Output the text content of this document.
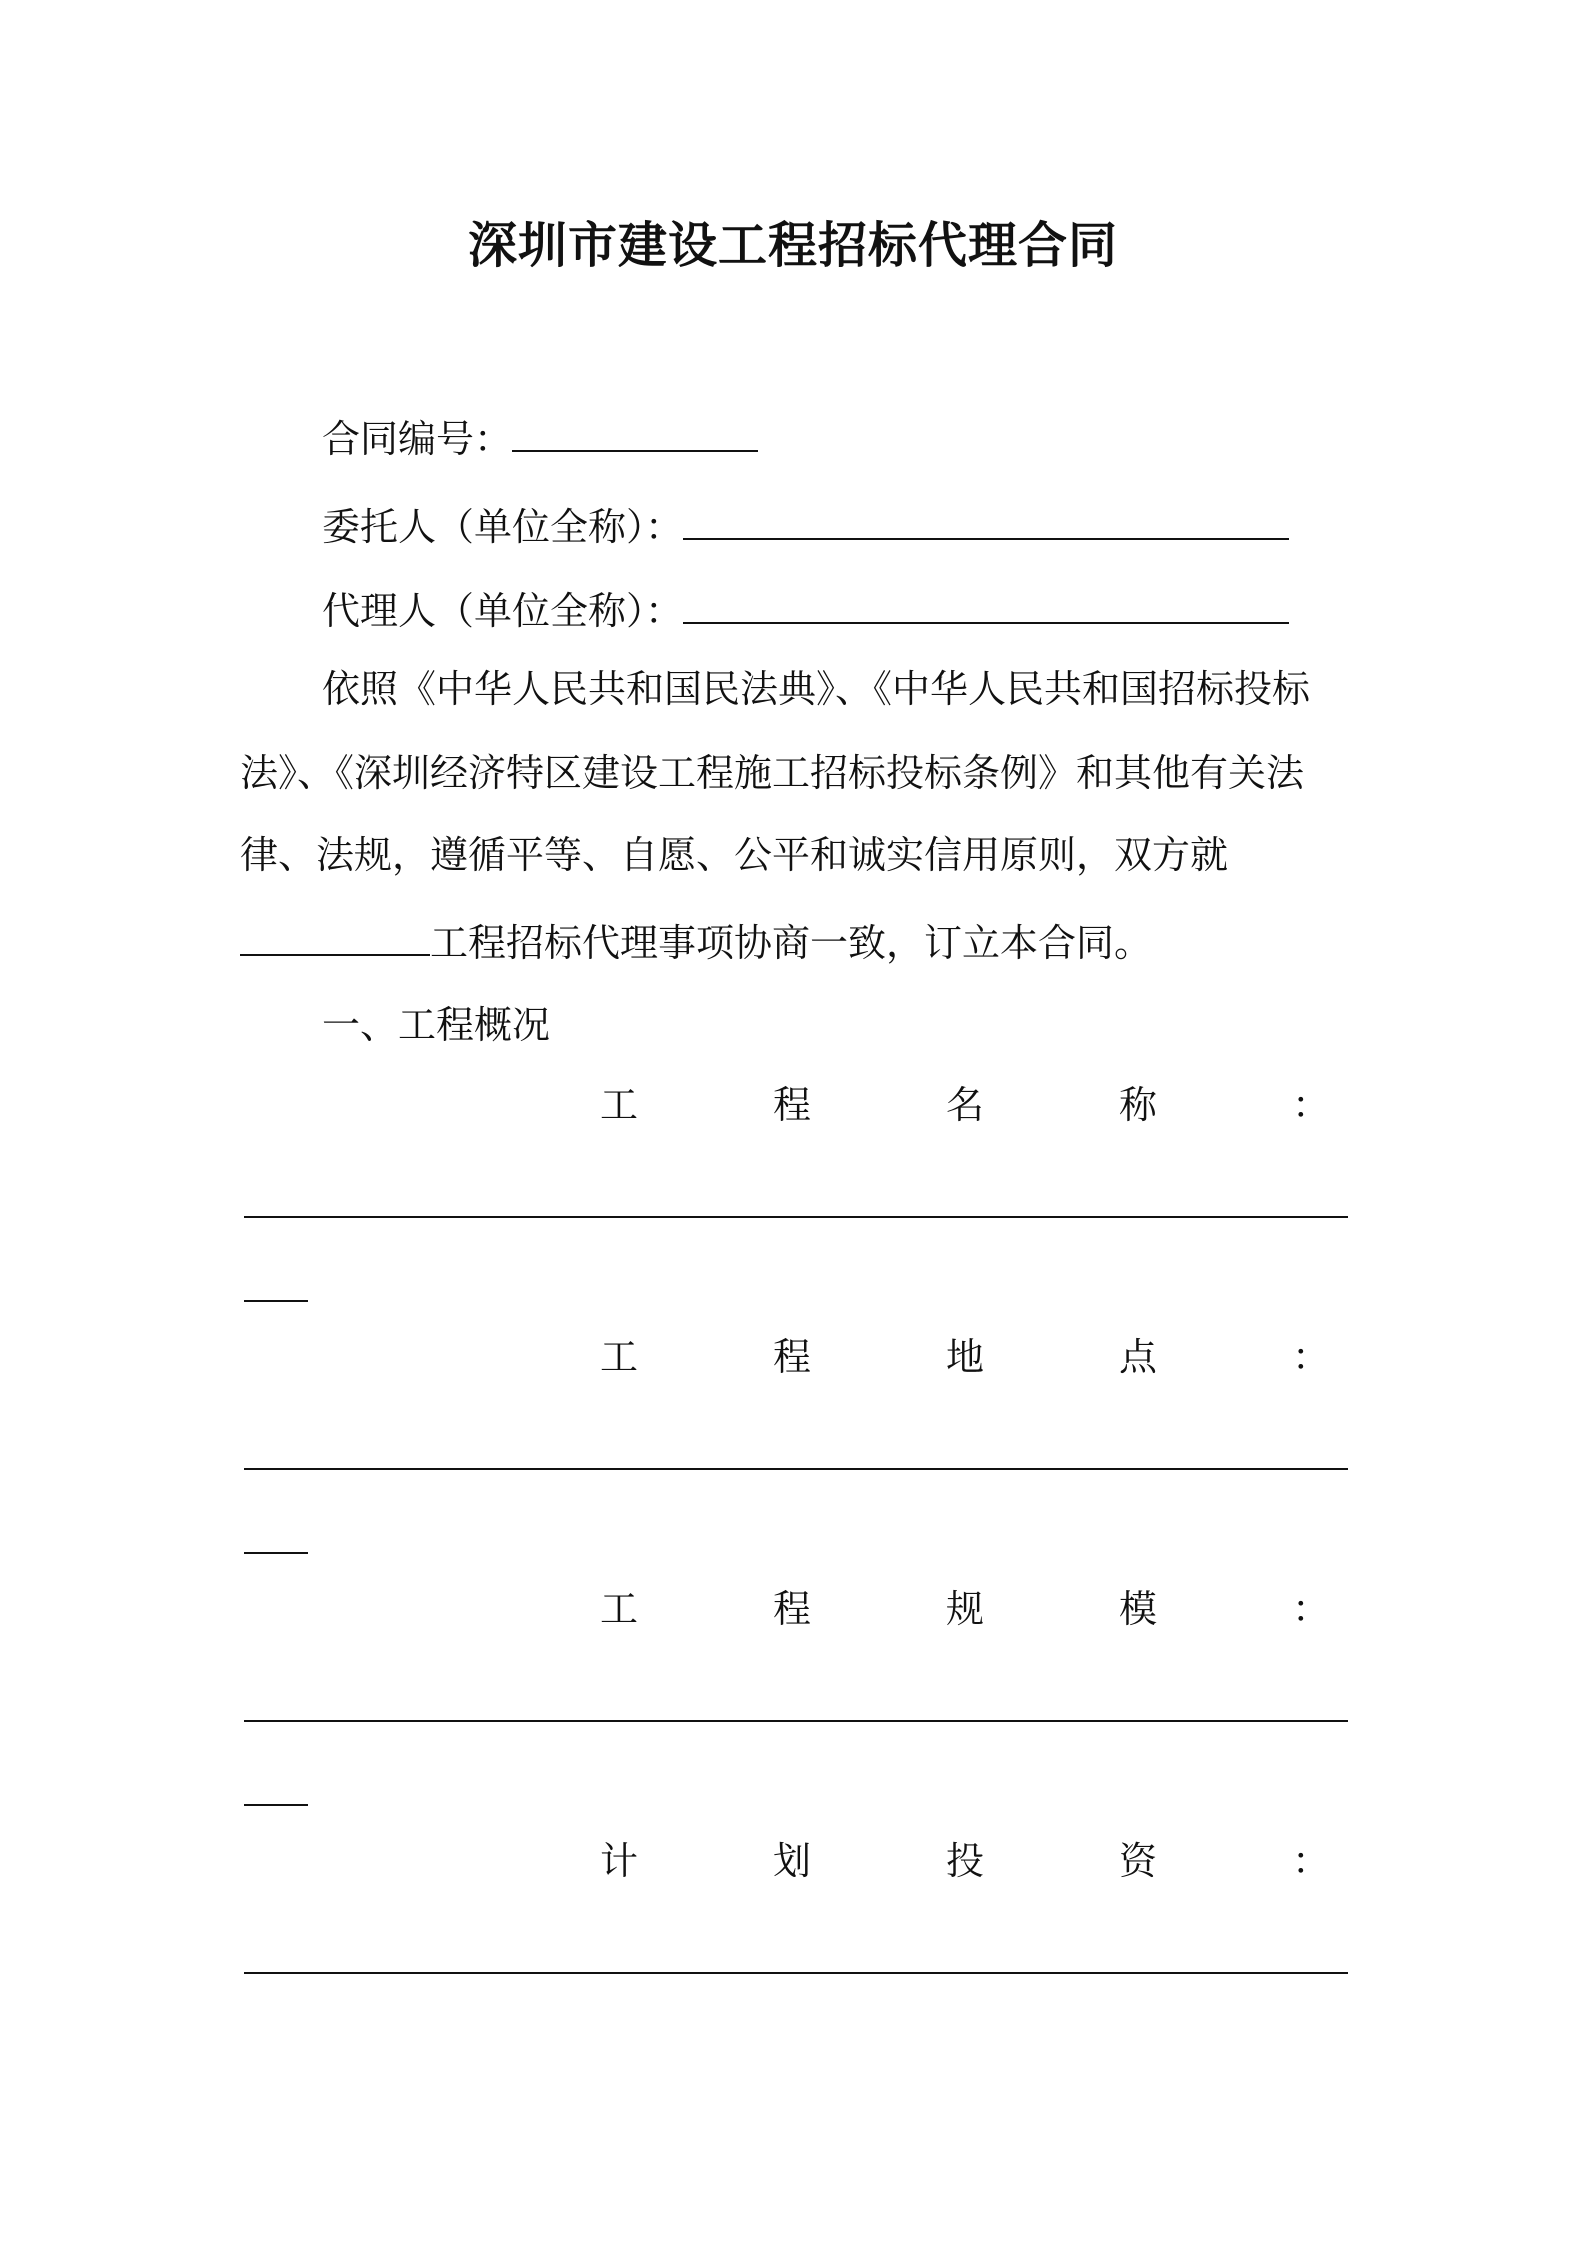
深圳市建设工程招标代理合同
合同编号：
委托人（单位全称）：
代理人（单位全称）：
依照《中华人民共和国民法典》、《中华人民共和国招标投标
法》、《深圳经济特区建设工程施工招标投标条例》和其他有关法
律、法规，遵循平等、自愿、公平和诚实信用原则，双方就
工程招标代理事项协商一致，订立本合同。
一、工程概况
工	程	名	称	：
工	程	地	点	：
工	程	规	模	：
计	划	投	资	：
